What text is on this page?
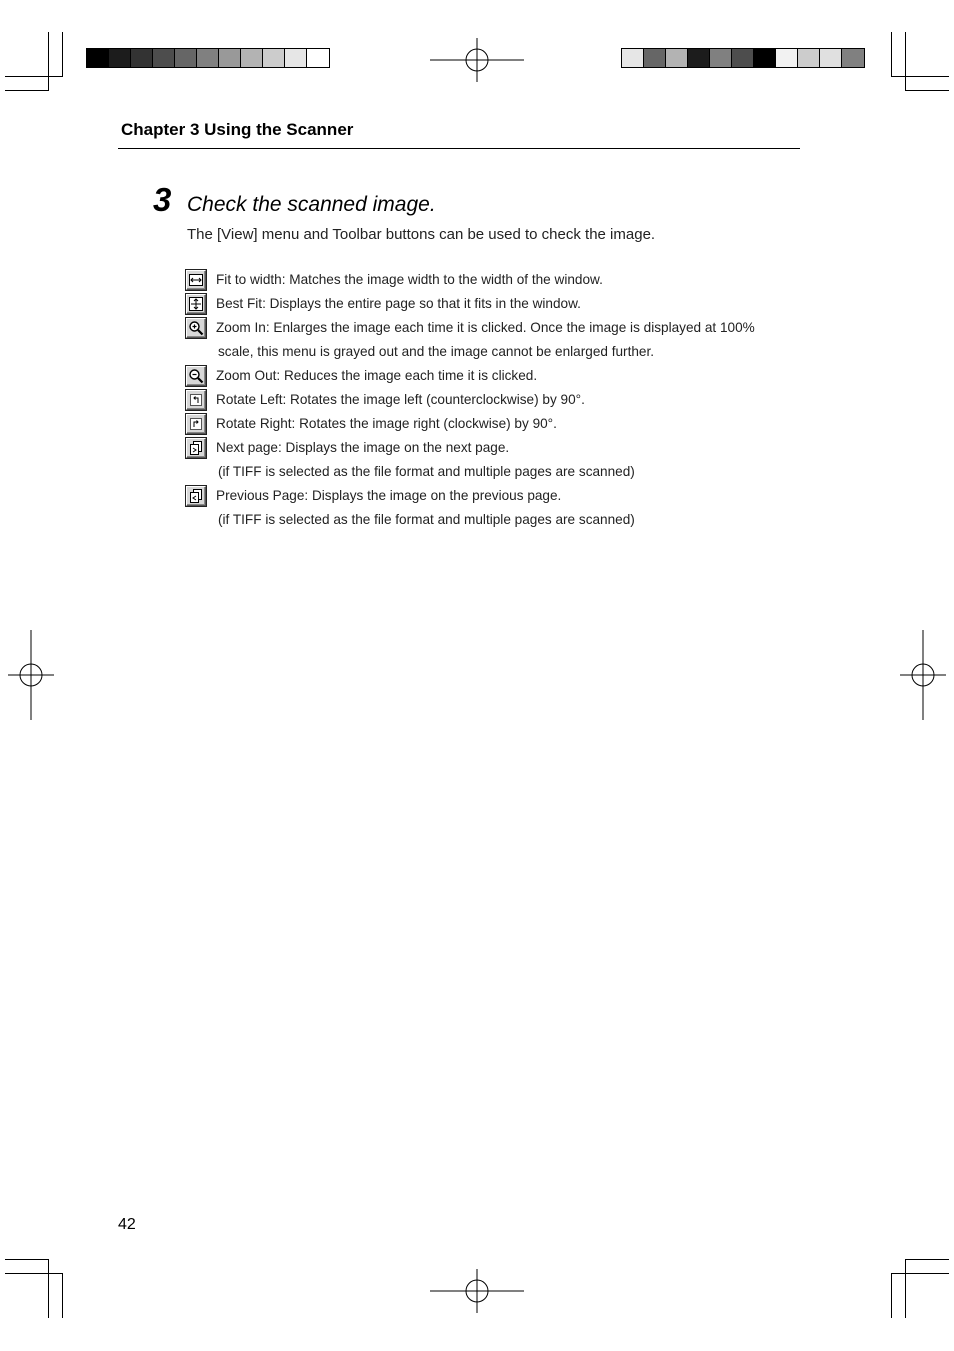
Chapter 3 Using the Scanner
3 Check the scanned image.
The [View] menu and Toolbar buttons can be used to check the image.
Fit to width: Matches the image width to the width of the window.
Best Fit: Displays the entire page so that it fits in the window.
Zoom In: Enlarges the image each time it is clicked. Once the image is displayed at 100%
scale, this menu is grayed out and the image cannot be enlarged further.
Zoom Out: Reduces the image each time it is clicked.
Rotate Left: Rotates the image left (counterclockwise) by 90°.
Rotate Right: Rotates the image right (clockwise) by 90°.
Next page: Displays the image on the next page.
(if TIFF is selected as the file format and multiple pages are scanned)
Previous Page: Displays the image on the previous page.
(if TIFF is selected as the file format and multiple pages are scanned)
42
